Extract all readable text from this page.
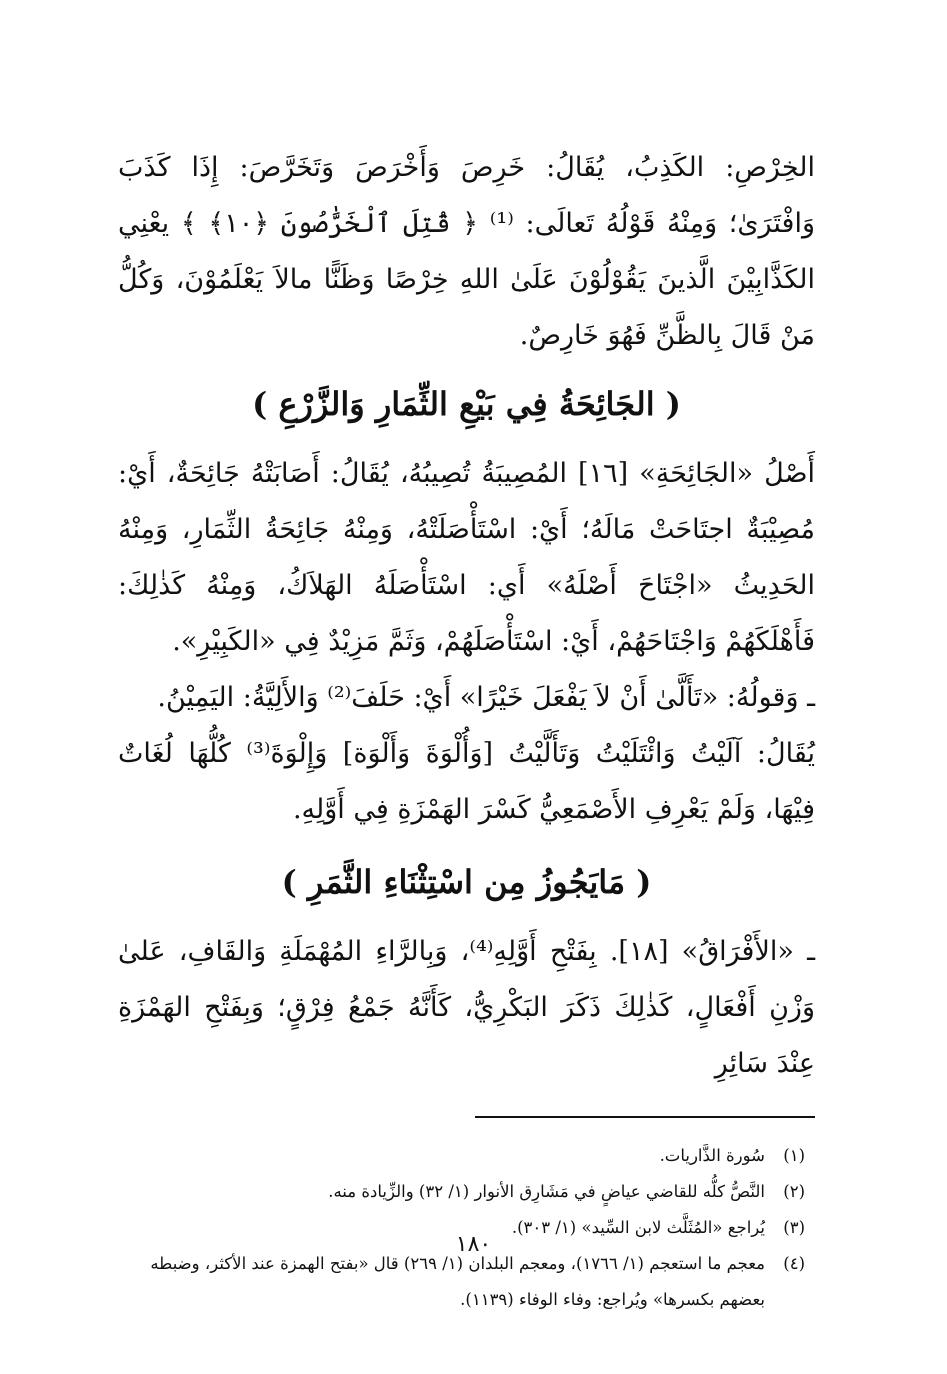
الخِرْصِ: الكَذِبُ، يُقَالُ: خَرِصَ وَأَخْرَصَ وَتَخَرَّصَ: إِذَا كَذَبَ وَافْتَرَىٰ؛ وَمِنْهُ قَوْلُهُ تَعالَى: ⁽¹⁾ ﴿ قُتِلَ ٱلْخَرَّٰصُونَ ﴿١٠﴾ ﴾ يعْنِي الكَذَّابِيْنَ الَّذينَ يَقُوْلُوْنَ عَلَىٰ اللهِ خِرْصًا وَظَنًّا مالاَ يَعْلَمُوْنَ، وَكُلُّ مَنْ قَالَ بِالظَّنِّ فَهُوَ خَارِصٌ.

( الجَائِحَةُ فِي بَيْعِ الثِّمَارِ وَالزَّرْعِ )

أَصْلُ «الجَائِحَةِ» [١٦] المُصِيبَةُ تُصِيبُهُ، يُقَالُ: أَصَابَتْهُ جَائِحَةٌ، أَيْ: مُصِيْبَةٌ اجتَاحَتْ مَالَهُ؛ أَيْ: اسْتَأْصَلَتْهُ، وَمِنْهُ جَائِحَةُ الثِّمَارِ، وَمِنْهُ الحَدِيثُ «اجْتَاحَ أَصْلَهُ» أَي: اسْتَأْصَلَهُ الهَلاَكُ، وَمِنْهُ كَذٰلِكَ: فَأَهْلَكَهُمْ وَاجْتَاحَهُمْ، أَيْ: اسْتَأْصَلَهُمْ، وَثَمَّ مَزِيْدٌ فِي «الكَبِيْرِ».

ـ وَقولُهُ: «تَأَلَّىٰ أَنْ لاَ يَفْعَلَ خَيْرًا» أَيْ: حَلَفَ⁽²⁾ وَالأَلِيَّةُ: اليَمِيْنُ.

يُقَالُ: آلَيْتُ وَائْتَلَيْتُ وَتَأَلَّيْتُ [وَأُلْوَةَ وَأَلْوَة] وَإِلْوَةَ⁽³⁾ كُلُّهَا لُغَاتٌ فِيْهَا، وَلَمْ يَعْرِفِ الأَصْمَعِيُّ كَسْرَ الهَمْزَةِ فِي أَوَّلِهِ.

( مَايَجُوزُ مِن اسْتِثْنَاءِ الثَّمَرِ )

ـ «الأَفْرَاقُ» [١٨]. بِفَتْحِ أَوَّلِهِ⁽⁴⁾، وَبِالرَّاءِ المُهْمَلَةِ وَالقَافِ، عَلىٰ وَزْنِ أَفْعَالٍ، كَذٰلِكَ ذَكَرَ البَكْرِيُّ، كَأَنَّهُ جَمْعُ فِرْقٍ؛ وَبِفَتْحِ الهَمْزَةِ عِنْدَ سَائِرِ

(١)
سُورة الذَّاريات.
(٢)
النَّصُّ كلُّه للقاضي عياضٍ في مَشَارِق الأنوار (١/ ٣٢) والزِّيادة منه.
(٣)
يُراجع «المُثَلَّث لابن السِّيد» (١/ ٣٠٣).
(٤)
معجم ما استعجم (١/ ١٧٦٦)، ومعجم البلدان (١/ ٢٦٩) قال «بفتح الهمزة عند الأكثر، وضبطه بعضهم بكسرها» ويُراجع: وفاء الوفاء (١١٣٩).
١٨٠
